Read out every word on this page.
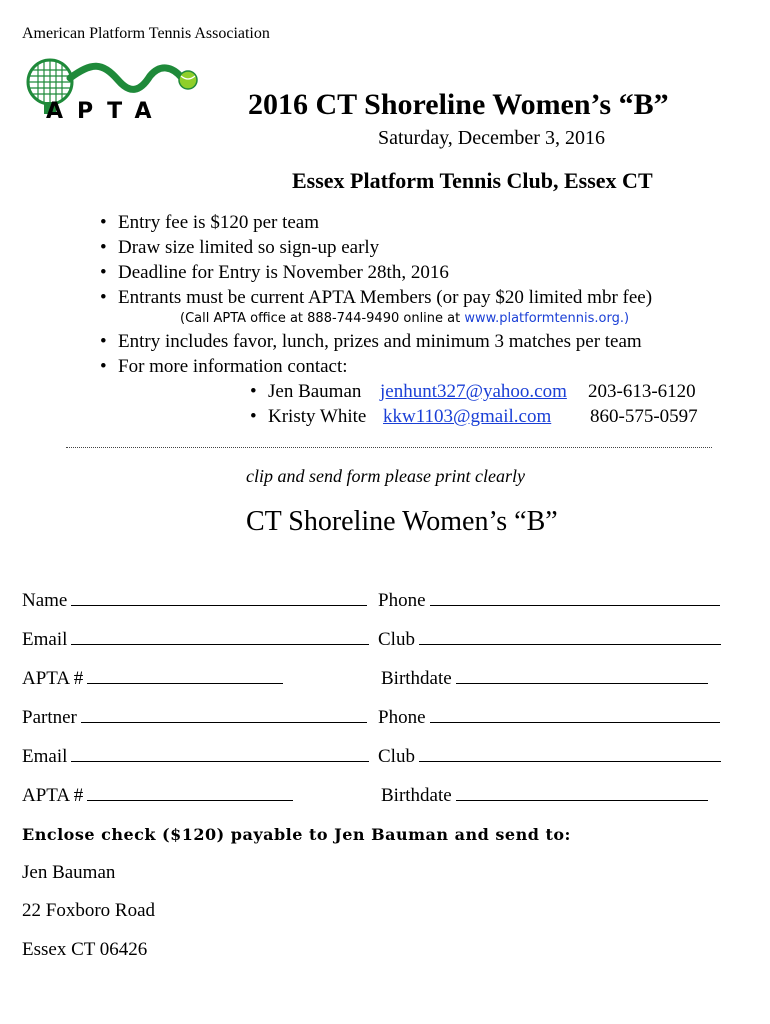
American Platform Tennis Association
APTA	2016 CT Shoreline Women’s “B”
Saturday, December 3, 2016
Essex Platform Tennis Club, Essex CT
• Entry fee is $120 per team
• Draw size limited so sign-up early
• Deadline for Entry is November 28th, 2016
• Entrants must be current APTA Members (or pay $20 limited mbr fee)
• Entry includes favor, lunch, prizes and minimum 3 matches per team
• For more information contact:
(Call APTA office at 888-744-9490 online at www.platformtennis.org.)
• Jen Bauman jenhunt327@yahoo.com 203-613-6120
• Kristy White kkw1103@gmail.com 860-575-0597
clip and send form please print clearly
CT Shoreline Women’s “B”
Name	Phone
Email	Club
APTA #	Birthdate
Partner	Phone
Email	Club
APTA #	Birthdate
Enclose check ($120) payable to Jen Bauman and send to:
Jen Bauman
22 Foxboro Road
Essex CT 06426
